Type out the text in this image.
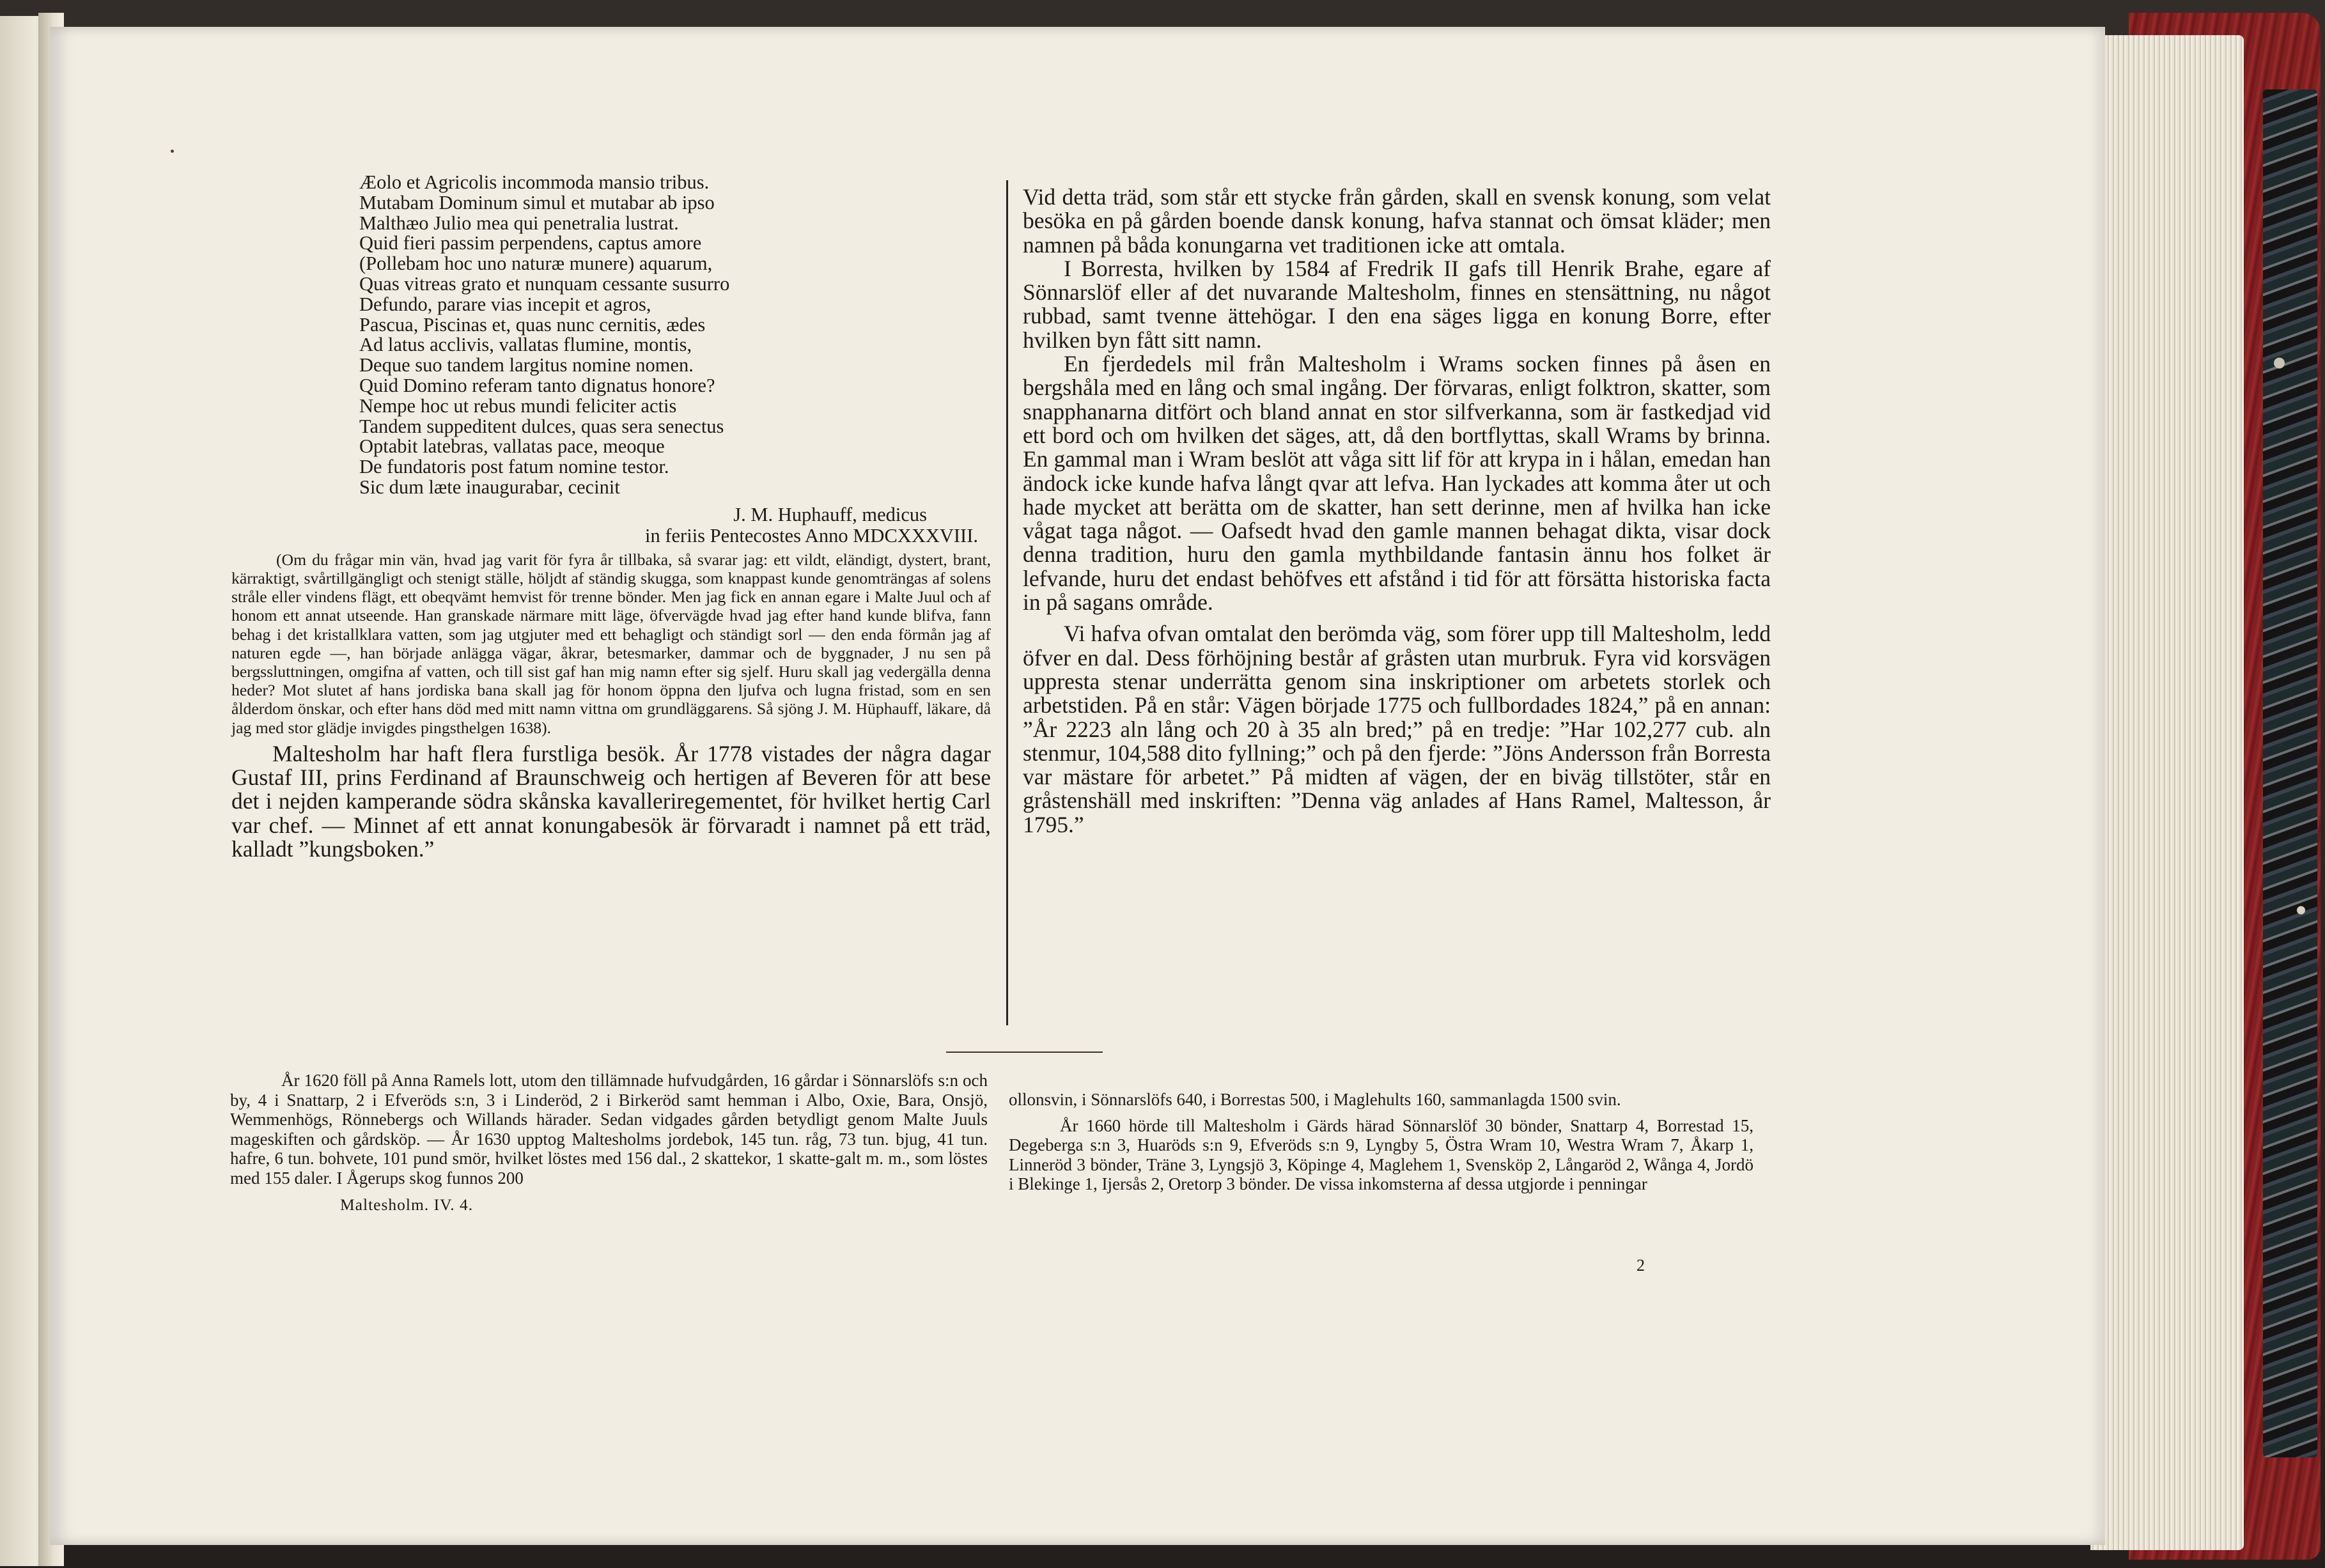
Æolo et Agricolis incommoda mansio tribus.
Mutabam Dominum simul et mutabar ab ipso
Malthæo Julio mea qui penetralia lustrat.
Quid fieri passim perpendens, captus amore
(Pollebam hoc uno naturæ munere) aquarum,
Quas vitreas grato et nunquam cessante susurro
Defundo, parare vias incepit et agros,
Pascua, Piscinas et, quas nunc cernitis, ædes
Ad latus acclivis, vallatas flumine, montis,
Deque suo tandem largitus nomine nomen.
Quid Domino referam tanto dignatus honore?
Nempe hoc ut rebus mundi feliciter actis
Tandem suppeditent dulces, quas sera senectus
Optabit latebras, vallatas pace, meoque
De fundatoris post fatum nomine testor.
Sic dum læte inaugurabar, cecinit
J. M. Huphauff, medicus
in feriis Pentecostes Anno MDCXXXVIII.
(Om du frågar min vän, hvad jag varit för fyra år tillbaka, så svarar jag: ett vildt, eländigt, dystert, brant, kärraktigt, svårtillgängligt och stenigt ställe, höljdt af ständig skugga, som knappast kunde genomträngas af solens stråle eller vindens flägt, ett obeqvämt hemvist för trenne bönder. Men jag fick en annan egare i Malte Juul och af honom ett annat utseende. Han granskade närmare mitt läge, öfvervägde hvad jag efter hand kunde blifva, fann behag i det kristallklara vatten, som jag utgjuter med ett behagligt och ständigt sorl — den enda förmån jag af naturen egde —, han började anlägga vägar, åkrar, betesmarker, dammar och de byggnader, J nu sen på bergssluttningen, omgifna af vatten, och till sist gaf han mig namn efter sig sjelf. Huru skall jag vedergälla denna heder? Mot slutet af hans jordiska bana skall jag för honom öppna den ljufva och lugna fristad, som en sen ålderdom önskar, och efter hans död med mitt namn vittna om grundläggarens. Så sjöng J. M. Hüphauff, läkare, då jag med stor glädje invigdes pingsthelgen 1638).

Maltesholm har haft flera furstliga besök. År 1778 vistades der några dagar Gustaf III, prins Ferdinand af Braunschweig och hertigen af Beveren för att bese det i nejden kamperande södra skånska kavalleriregementet, för hvilket hertig Carl var chef. — Minnet af ett annat konungabesök är förvaradt i namnet på ett träd, kalladt ”kungsboken.”

Vid detta träd, som står ett stycke från gården, skall en svensk konung, som velat besöka en på gården boende dansk konung, hafva stannat och ömsat kläder; men namnen på båda konungarna vet traditionen icke att omtala.

I Borresta, hvilken by 1584 af Fredrik II gafs till Henrik Brahe, egare af Sönnarslöf eller af det nuvarande Maltesholm, finnes en stensättning, nu något rubbad, samt tvenne ättehögar. I den ena säges ligga en konung Borre, efter hvilken byn fått sitt namn.

En fjerdedels mil från Maltesholm i Wrams socken finnes på åsen en bergshåla med en lång och smal ingång. Der förvaras, enligt folktron, skatter, som snapphanarna ditfört och bland annat en stor silfverkanna, som är fastkedjad vid ett bord och om hvilken det säges, att, då den bortflyttas, skall Wrams by brinna. En gammal man i Wram beslöt att våga sitt lif för att krypa in i hålan, emedan han ändock icke kunde hafva långt qvar att lefva. Han lyckades att komma åter ut och hade mycket att berätta om de skatter, han sett derinne, men af hvilka han icke vågat taga något. — Oafsedt hvad den gamle mannen behagat dikta, visar dock denna tradition, huru den gamla mythbildande fantasin ännu hos folket är lefvande, huru det endast behöfves ett afstånd i tid för att försätta historiska facta in på sagans område.

Vi hafva ofvan omtalat den berömda väg, som förer upp till Maltesholm, ledd öfver en dal. Dess förhöjning består af gråsten utan murbruk. Fyra vid korsvägen uppresta stenar underrätta genom sina inskriptioner om arbetets storlek och arbetstiden. På en står: Vägen började 1775 och fullbordades 1824,” på en annan: ”År 2223 aln lång och 20 à 35 aln bred;” på en tredje: ”Har 102,277 cub. aln stenmur, 104,588 dito fyllning;” och på den fjerde: ”Jöns Andersson från Borresta var mästare för arbetet.” På midten af vägen, der en biväg tillstöter, står en gråstenshäll med inskriften: ”Denna väg anlades af Hans Ramel, Maltesson, år 1795.”

År 1620 föll på Anna Ramels lott, utom den tillämnade hufvudgården, 16 gårdar i Sönnarslöfs s:n och by, 4 i Snattarp, 2 i Efveröds s:n, 3 i Linderöd, 2 i Birkeröd samt hemman i Albo, Oxie, Bara, Onsjö, Wemmenhögs, Rönnebergs och Willands härader. Sedan vidgades gården betydligt genom Malte Juuls mageskiften och gårdsköp. — År 1630 upptog Maltesholms jordebok, 145 tun. råg, 73 tun. bjug, 41 tun. hafre, 6 tun. bohvete, 101 pund smör, hvilket löstes med 156 dal., 2 skattekor, 1 skatte-galt m. m., som löstes med 155 daler. I Ågerups skog funnos 200

Maltesholm. IV. 4.

ollonsvin, i Sönnarslöfs 640, i Borrestas 500, i Maglehults 160, sammanlagda 1500 svin.

År 1660 hörde till Maltesholm i Gärds härad Sönnarslöf 30 bönder, Snattarp 4, Borrestad 15, Degeberga s:n 3, Huaröds s:n 9, Efveröds s:n 9, Lyngby 5, Östra Wram 10, Westra Wram 7, Åkarp 1, Linneröd 3 bönder, Träne 3, Lyngsjö 3, Köpinge 4, Maglehem 1, Svensköp 2, Långaröd 2, Wånga 4, Jordö i Blekinge 1, Ijersås 2, Oretorp 3 bönder. De vissa inkomsterna af dessa utgjorde i penningar

2
